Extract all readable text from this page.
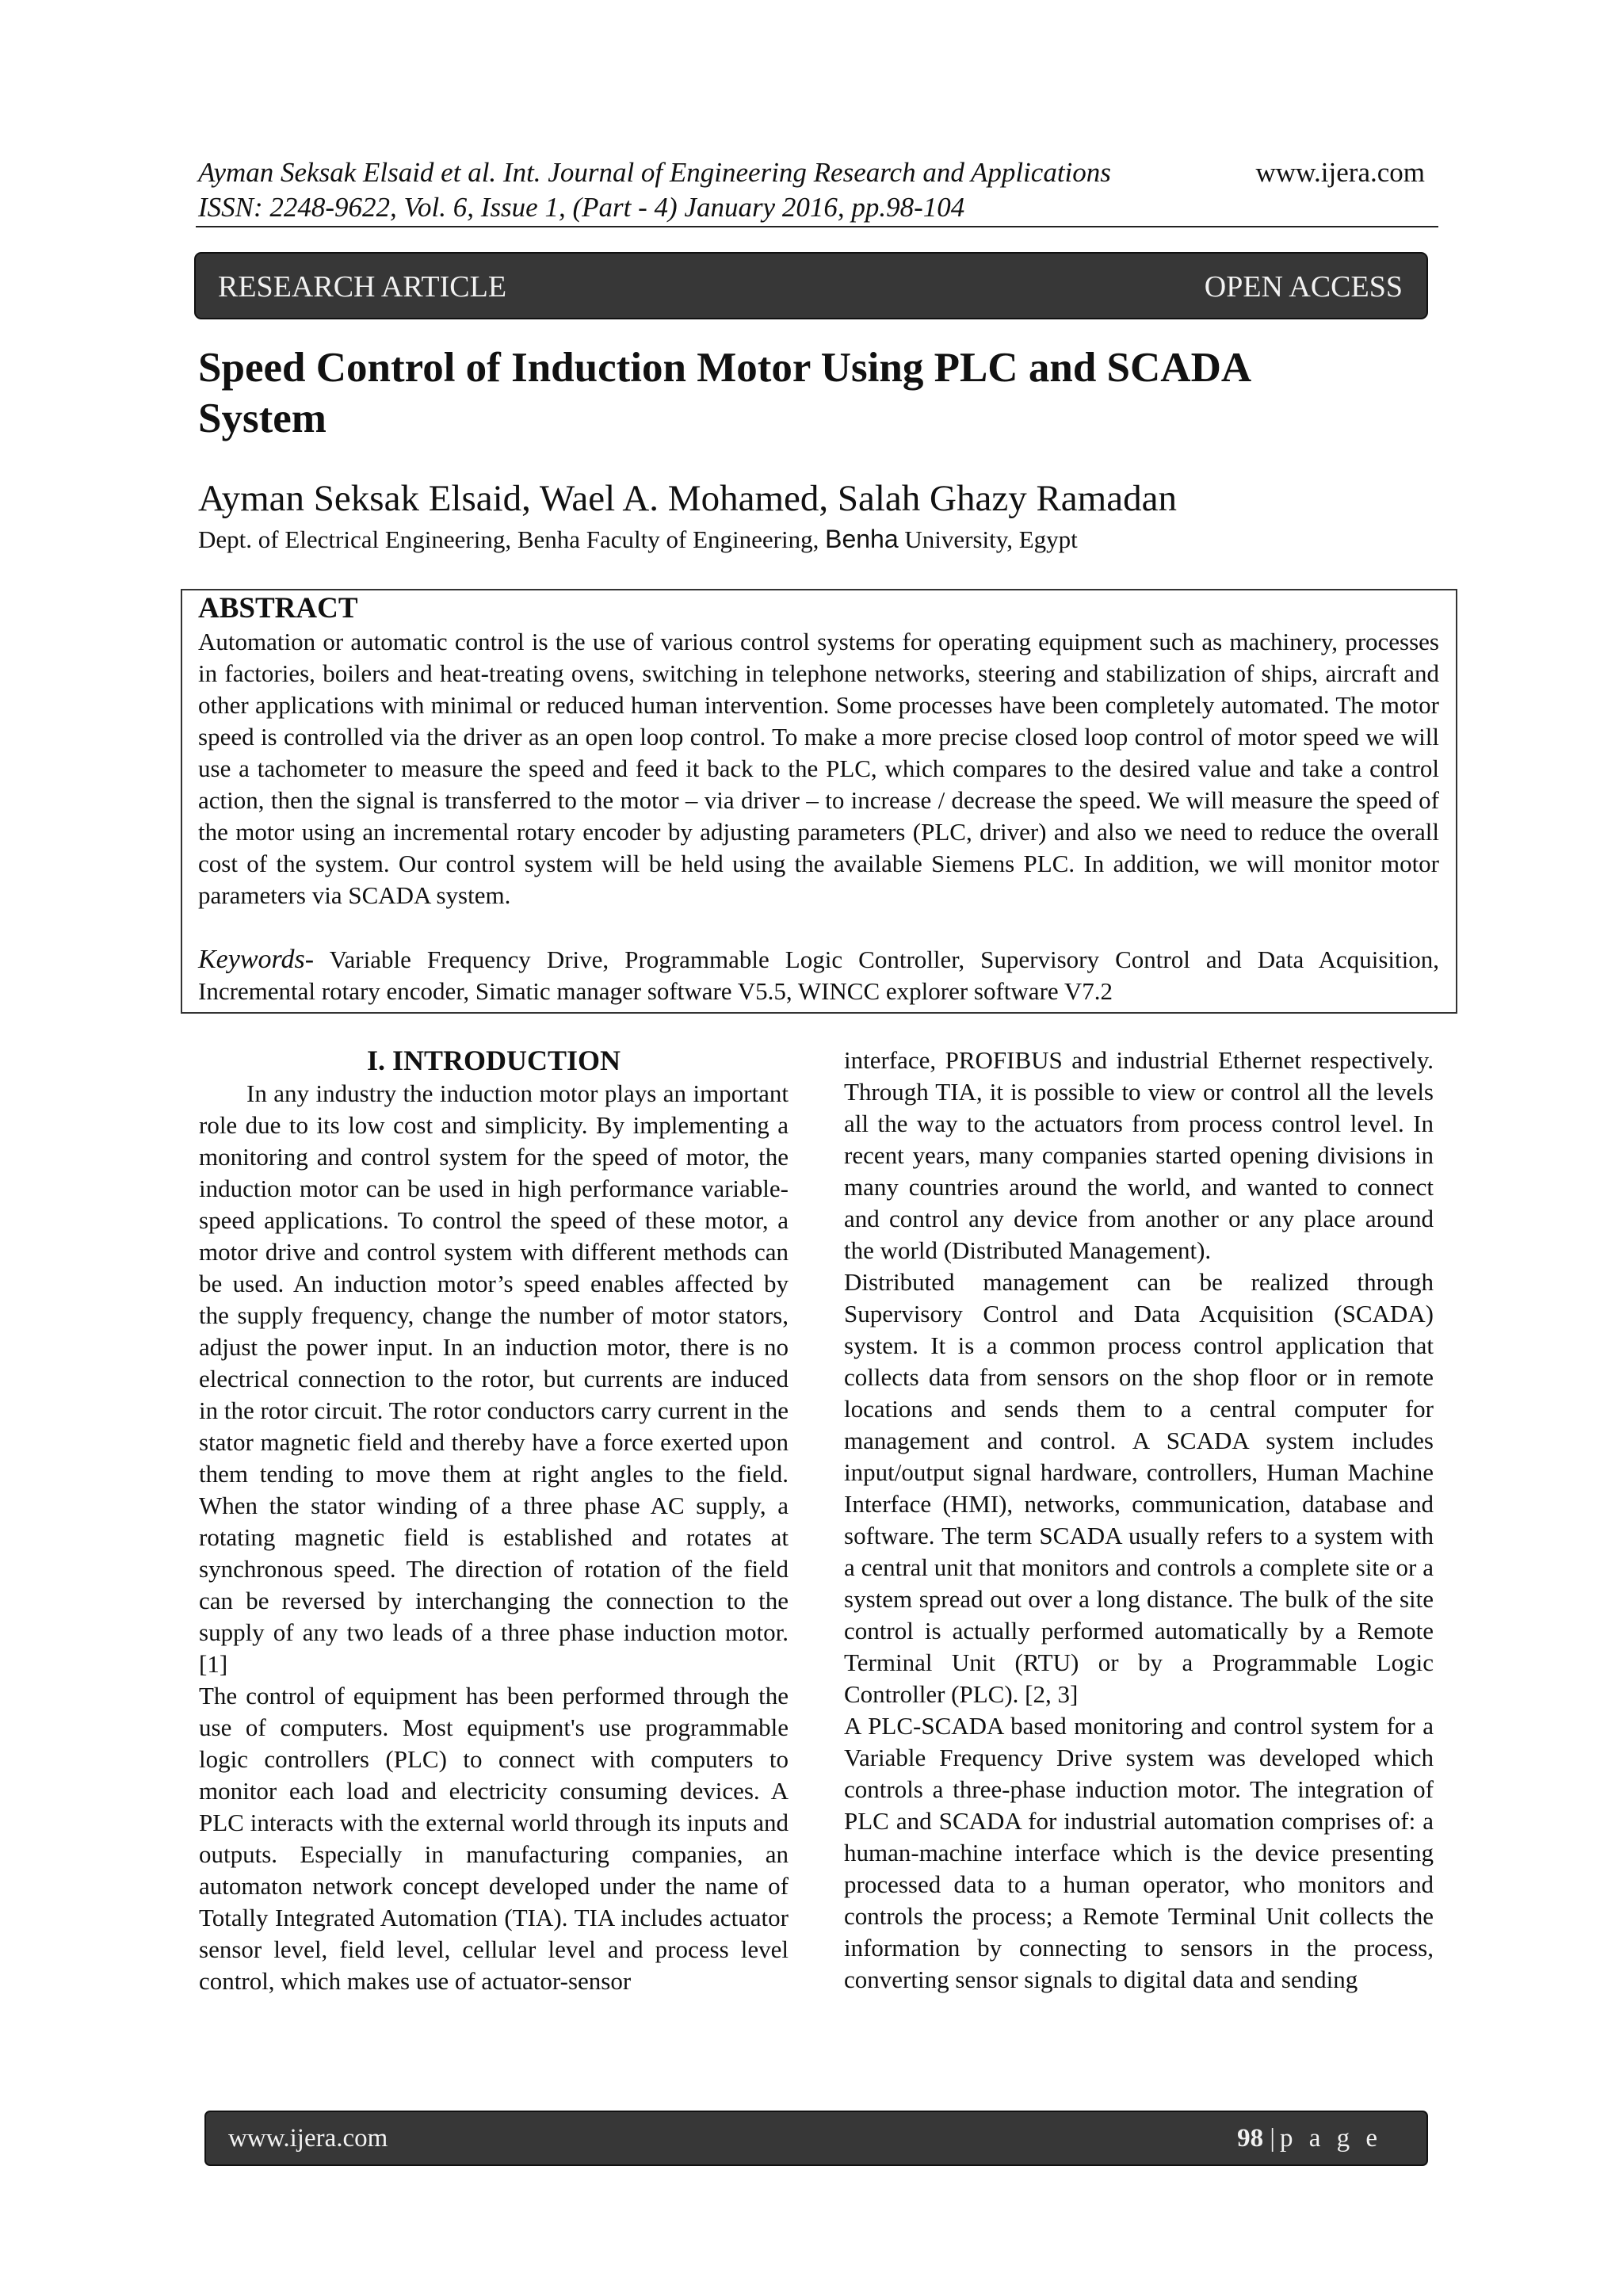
Ayman Seksak Elsaid et al. Int. Journal of Engineering Research and Applications	www.ijera.com
ISSN: 2248-9622, Vol. 6, Issue 1, (Part - 4) January 2016, pp.98-104
RESEARCH ARTICLE	OPEN ACCESS
Speed Control of Induction Motor Using PLC and SCADA
System
Ayman Seksak Elsaid, Wael A. Mohamed, Salah Ghazy Ramadan
Dept. of Electrical Engineering, Benha Faculty of Engineering, Benha University, Egypt
ABSTRACT
Automation or automatic control is the use of various control systems for operating equipment such as machinery, processes in factories, boilers and heat-treating ovens, switching in telephone networks, steering and stabilization of ships, aircraft and other applications with minimal or reduced human intervention. Some processes have been completely automated. The motor speed is controlled via the driver as an open loop control. To make a more precise closed loop control of motor speed we will use a tachometer to measure the speed and feed it back to the PLC, which compares to the desired value and take a control action, then the signal is transferred to the motor – via driver – to increase / decrease the speed. We will measure the speed of the motor using an incremental rotary encoder by adjusting parameters (PLC, driver) and also we need to reduce the overall cost of the system. Our control system will be held using the available Siemens PLC. In addition, we will monitor motor parameters via SCADA system.
Keywords- Variable Frequency Drive, Programmable Logic Controller, Supervisory Control and Data Acquisition, Incremental rotary encoder, Simatic manager software V5.5, WINCC explorer software V7.2
I. INTRODUCTION

In any industry the induction motor plays an important role due to its low cost and simplicity. By implementing a monitoring and control system for the speed of motor, the induction motor can be used in high performance variable-speed applications. To control the speed of these motor, a motor drive and control system with different methods can be used. An induction motor’s speed enables affected by the supply frequency, change the number of motor stators, adjust the power input. In an induction motor, there is no electrical connection to the rotor, but currents are induced in the rotor circuit. The rotor conductors carry current in the stator magnetic field and thereby have a force exerted upon them tending to move them at right angles to the field. When the stator winding of a three phase AC supply, a rotating magnetic field is established and rotates at synchronous speed. The direction of rotation of the field can be reversed by interchanging the connection to the supply of any two leads of a three phase induction motor. [1]

The control of equipment has been performed through the use of computers. Most equipment's use programmable logic controllers (PLC) to connect with computers to monitor each load and electricity consuming devices. A PLC interacts with the external world through its inputs and outputs. Especially in manufacturing companies, an automaton network concept developed under the name of Totally Integrated Automation (TIA). TIA includes actuator sensor level, field level, cellular level and process level control, which makes use of actuator-sensor

interface, PROFIBUS and industrial Ethernet respectively. Through TIA, it is possible to view or control all the levels all the way to the actuators from process control level. In recent years, many companies started opening divisions in many countries around the world, and wanted to connect and control any device from another or any place around the world (Distributed Management).

Distributed management can be realized through Supervisory Control and Data Acquisition (SCADA) system. It is a common process control application that collects data from sensors on the shop floor or in remote locations and sends them to a central computer for management and control. A SCADA system includes input/output signal hardware, controllers, Human Machine Interface (HMI), networks, communication, database and software. The term SCADA usually refers to a system with a central unit that monitors and controls a complete site or a system spread out over a long distance. The bulk of the site control is actually performed automatically by a Remote Terminal Unit (RTU) or by a Programmable Logic Controller (PLC). [2, 3]

A PLC-SCADA based monitoring and control system for a Variable Frequency Drive system was developed which controls a three-phase induction motor. The integration of PLC and SCADA for industrial automation comprises of: a human-machine interface which is the device presenting processed data to a human operator, who monitors and controls the process; a Remote Terminal Unit collects the information by connecting to sensors in the process, converting sensor signals to digital data and sending

www.ijera.com	98 |p a g e
